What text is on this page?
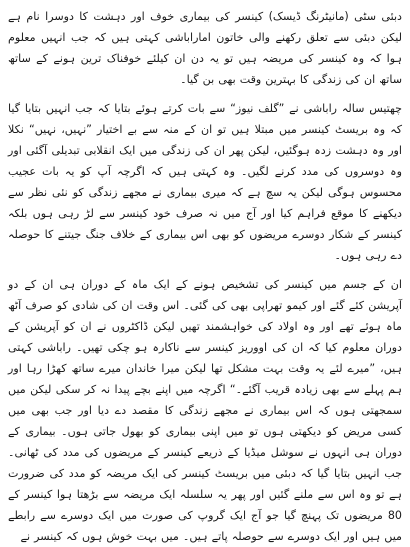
دبئی سٹی (مانیٹرنگ ڈیسک) کینسر کی بیماری خوف اور دہشت کا دوسرا نام ہے لیکن دبئی سے تعلق رکھنے والی خاتون اماراباشی کہتی ہیں کہ جب انہیں معلوم ہوا کہ وہ کینسر کی مریضہ ہیں تو یہ دن ان کیلئے خوفناک ترین ہونے کے ساتھ ساتھ ان کی زندگی کا بہترین وقت بھی بن گیا۔

چھتیس سالہ راباشی نے ”گلف نیوز“ سے بات کرتے ہوئے بتایا کہ جب انہیں بتایا گیا کہ وہ بریسٹ کینسر میں مبتلا ہیں تو ان کے منہ سے بے اختیار ”نہیں، نہیں“ نکلا اور وہ دہشت زدہ ہوگئیں، لیکن پھر ان کی زندگی میں ایک انقلابی تبدیلی آگئی اور وہ دوسروں کی مدد کرنے لگیں۔ وہ کہتی ہیں کہ اگرچہ آپ کو یہ بات عجیب محسوس ہوگی لیکن یہ سچ ہے کہ میری بیماری نے مجھے زندگی کو نئی نظر سے دیکھنے کا موقع فراہم کیا اور آج میں نہ صرف خود کینسر سے لڑ رہی ہوں بلکہ کینسر کے شکار دوسرے مریضوں کو بھی اس بیماری کے خلاف جنگ جیتنے کا حوصلہ دے رہی ہوں۔

ان کے جسم میں کینسر کی تشخیص ہونے کے ایک ماہ کے دوران ہی ان کے دو آپریشن کئے گئے اور کیمو تھراپی بھی کی گئی۔ اس وقت ان کی شادی کو صرف آٹھ ماہ ہوئے تھے اور وہ اولاد کی خواہشمند تھیں لیکن ڈاکٹروں نے ان کو آپریشن کے دوران معلوم کیا کہ ان کی اووریز کینسر سے ناکارہ ہو چکی تھیں۔ راباشی کہتی ہیں، ”میرے لئے یہ وقت بہت مشکل تھا لیکن میرا خاندان میرے ساتھ کھڑا رہا اور ہم پہلے سے بھی زیادہ قریب آگئے۔“ اگرچہ میں اپنے بچے پیدا نہ کر سکی لیکن میں سمجھتی ہوں کہ اس بیماری نے مجھے زندگی کا مقصد دے دیا اور جب بھی میں کسی مریض کو دیکھتی ہوں تو میں اپنی بیماری کو بھول جاتی ہوں۔ بیماری کے دوران ہی انہوں نے سوشل میڈیا کے ذریعے کینسر کے مریضوں کی مدد کی ٹھانی۔ جب انہیں بتایا گیا کہ دبئی میں بریسٹ کینسر کی ایک مریضہ کو مدد کی ضرورت ہے تو وہ اس سے ملنے گئیں اور پھر یہ سلسلہ ایک مریضہ سے بڑھتا ہوا کینسر کے 80 مریضوں تک پہنچ گیا جو آج ایک گروپ کی صورت میں ایک دوسرے سے رابطے میں ہیں اور ایک دوسرے سے حوصلہ پاتے ہیں۔ میں بہت خوش ہوں کہ کینسر نے
